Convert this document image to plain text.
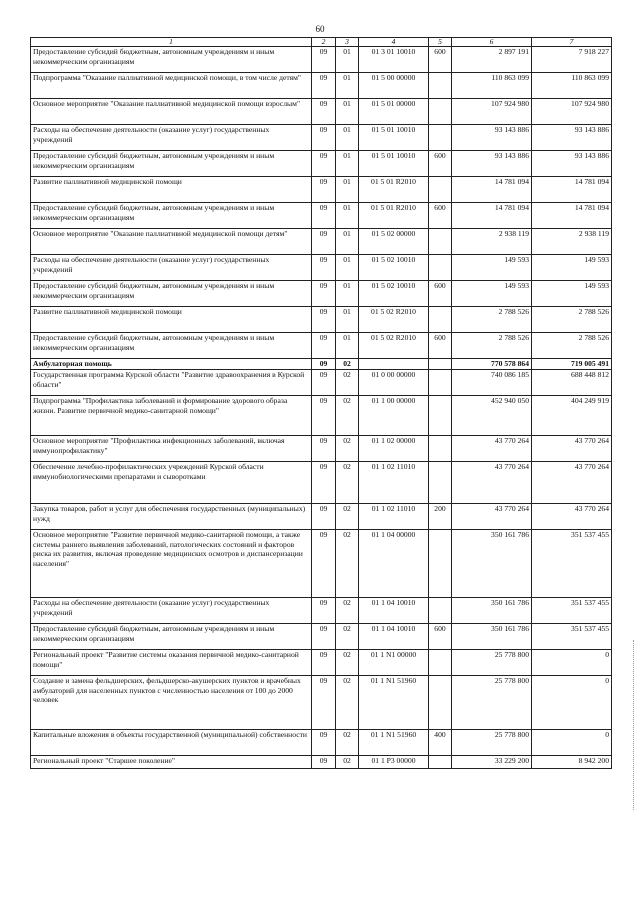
60
1	2	3	4	5	6	7
Предоставление субсидий бюджетным, автономным учреждениям и иным некоммерческим организациям	09	01	01 3 01 10010	600	2 897 191	7 918 227
Подпрограмма "Оказание паллиативной медицинской помощи, в том числе детям"	09	01	01 5 00 00000		110 863 099	110 863 099
Основное мероприятие "Оказание паллиативной медицинской помощи взрослым"	09	01	01 5 01 00000		107 924 980	107 924 980
Расходы на обеспечение деятельности (оказание услуг) государственных учреждений	09	01	01 5 01 10010		93 143 886	93 143 886
Предоставление субсидий бюджетным, автономным учреждениям и иным некоммерческим организациям	09	01	01 5 01 10010	600	93 143 886	93 143 886
Развитие паллиативной медицинской помощи	09	01	01 5 01 R2010		14 781 094	14 781 094
Предоставление субсидий бюджетным, автономным учреждениям и иным некоммерческим организациям	09	01	01 5 01 R2010	600	14 781 094	14 781 094
Основное мероприятие "Оказание паллиативной медицинской помощи детям"	09	01	01 5 02 00000		2 938 119	2 938 119
Расходы на обеспечение деятельности (оказание услуг) государственных учреждений	09	01	01 5 02 10010		149 593	149 593
Предоставление субсидий бюджетным, автономным учреждениям и иным некоммерческим организациям	09	01	01 5 02 10010	600	149 593	149 593
Развитие паллиативной медицинской помощи	09	01	01 5 02 R2010		2 788 526	2 788 526
Предоставление субсидий бюджетным, автономным учреждениям и иным некоммерческим организациям	09	01	01 5 02 R2010	600	2 788 526	2 788 526
Амбулаторная помощь	09	02			770 578 864	719 005 491
Государственная программа Курской области "Развитие здравоохранения в Курской области"	09	02	01 0 00 00000		740 086 185	688 448 812
Подпрограмма "Профилактика заболеваний и формирование здорового образа жизни. Развитие первичной медико-санитарной помощи"	09	02	01 1 00 00000		452 940 050	404 249 919
Основное мероприятие "Профилактика инфекционных заболеваний, включая иммунопрофилактику"	09	02	01 1 02 00000		43 770 264	43 770 264
Обеспечение лечебно-профилактических учреждений Курской области иммунобиологическими препаратами и сыворотками	09	02	01 1 02 11010		43 770 264	43 770 264
Закупка товаров, работ и услуг для обеспечения государственных (муниципальных) нужд	09	02	01 1 02 11010	200	43 770 264	43 770 264
Основное мероприятие "Развитие первичной медико-санитарной помощи, а также системы раннего выявления заболеваний, патологических состояний и факторов риска их развития, включая проведение медицинских осмотров и диспансеризации населения"	09	02	01 1 04 00000		350 161 786	351 537 455
Расходы на обеспечение деятельности (оказание услуг) государственных учреждений	09	02	01 1 04 10010		350 161 786	351 537 455
Предоставление субсидий бюджетным, автономным учреждениям и иным некоммерческим организациям	09	02	01 1 04 10010	600	350 161 786	351 537 455
Региональный проект "Развитие системы оказания первичной медико-санитарной помощи"	09	02	01 1 N1 00000		25 778 800	0
Создание и замена фельдшерских, фельдшерско-акушерских пунктов и врачебных амбулаторий для населенных пунктов с численностью населения от 100 до 2000 человек	09	02	01 1 N1 51960		25 778 800	0
Капитальные вложения в объекты государственной (муниципальной) собственности	09	02	01 1 N1 51960	400	25 778 800	0
Региональный проект "Старшее поколение"	09	02	01 1 P3 00000		33 229 200	8 942 200
